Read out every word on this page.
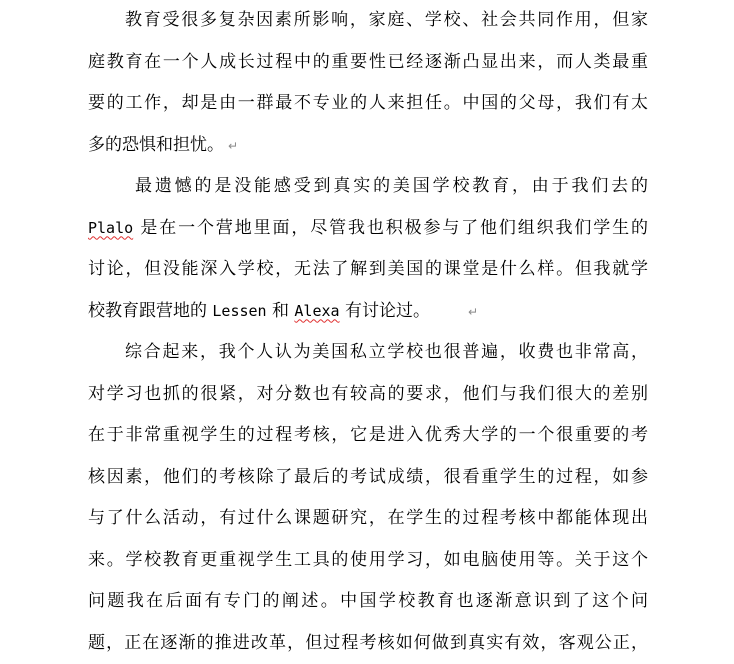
教育受很多复杂因素所影响，家庭、学校、社会共同作用，但家
庭教育在一个人成长过程中的重要性已经逐渐凸显出来，而人类最重
要的工作，却是由一群最不专业的人来担任。中国的父母，我们有太
多的恐惧和担忧。 ↵
最遗憾的是没能感受到真实的美国学校教育，由于我们去的
Plalo 是在一个营地里面，尽管我也积极参与了他们组织我们学生的
讨论，但没能深入学校，无法了解到美国的课堂是什么样。但我就学
校教育跟营地的 Lessen 和 Alexa 有讨论过。	↵
综合起来，我个人认为美国私立学校也很普遍，收费也非常高，
对学习也抓的很紧，对分数也有较高的要求，他们与我们很大的差别
在于非常重视学生的过程考核，它是进入优秀大学的一个很重要的考
核因素，他们的考核除了最后的考试成绩，很看重学生的过程，如参
与了什么活动，有过什么课题研究，在学生的过程考核中都能体现出
来。学校教育更重视学生工具的使用学习，如电脑使用等。关于这个
问题我在后面有专门的阐述。中国学校教育也逐渐意识到了这个问
题，正在逐渐的推进改革，但过程考核如何做到真实有效，客观公正，
